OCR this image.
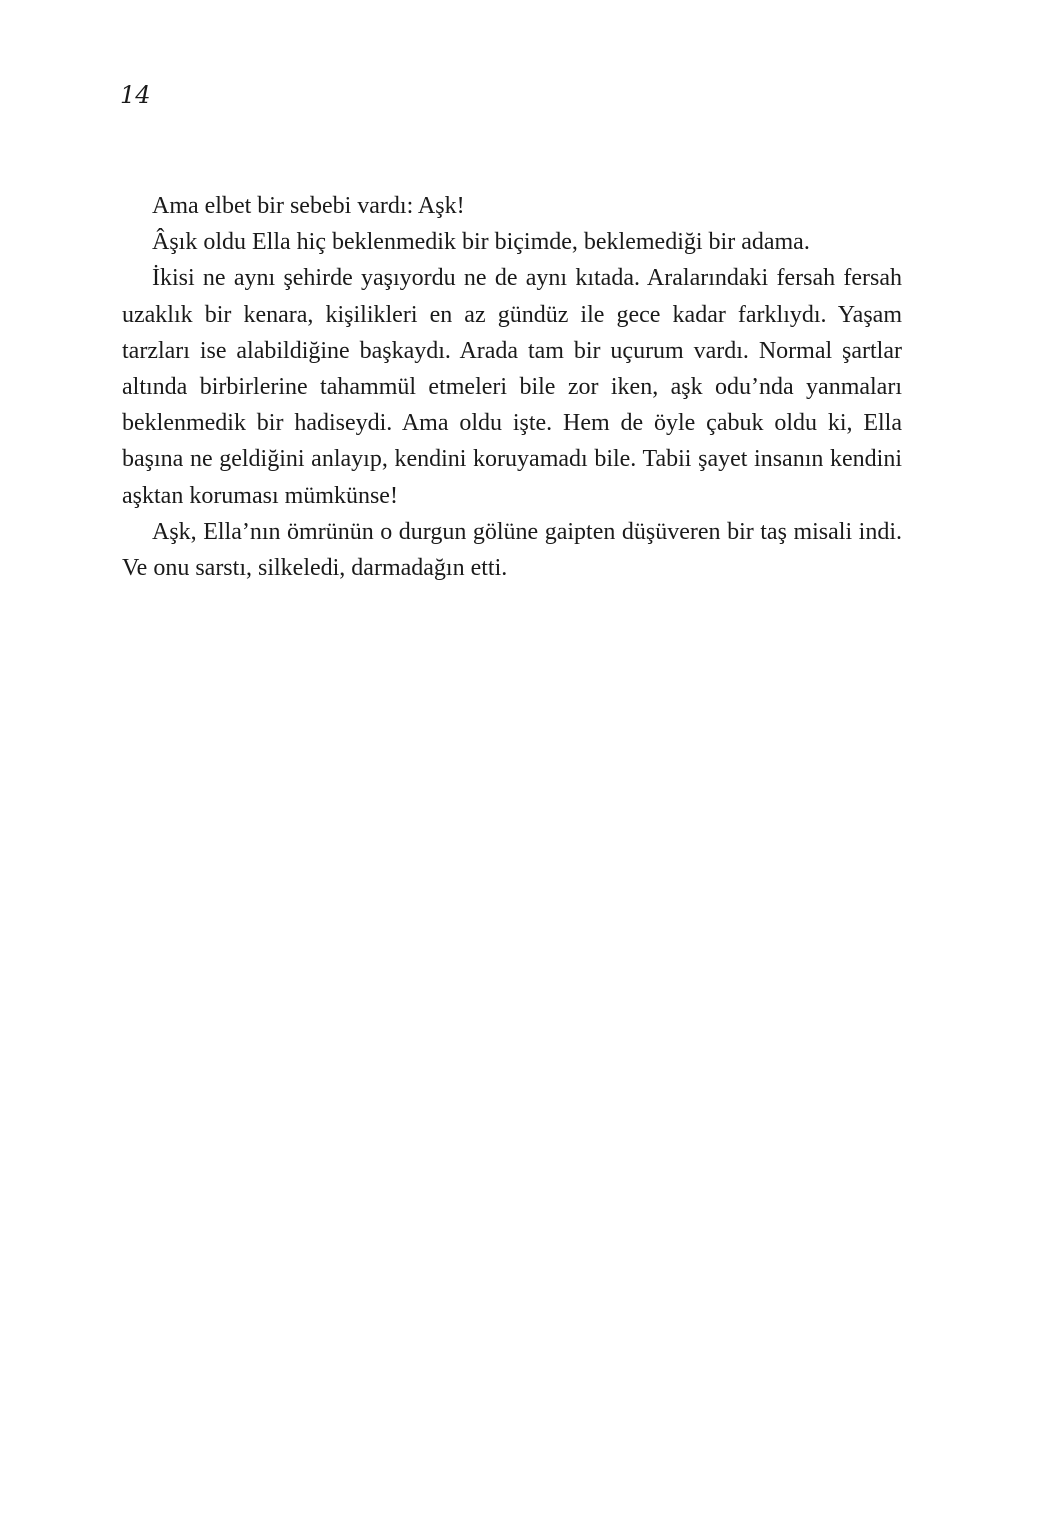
14

Ama elbet bir sebebi vardı: Aşk!

Âşık oldu Ella hiç beklenmedik bir biçimde, beklemediği bir adama.

İkisi ne aynı şehirde yaşıyordu ne de aynı kıtada. Aralarındaki fersah fersah uzaklık bir kenara, kişilikleri en az gündüz ile gece kadar farklıydı. Yaşam tarzları ise alabildiğine başkaydı. Arada tam bir uçurum vardı. Normal şartlar altında birbirlerine tahammül etmeleri bile zor iken, aşk odu’nda yanmaları beklenmedik bir hadiseydi. Ama oldu işte. Hem de öyle çabuk oldu ki, Ella başına ne geldiğini anlayıp, kendini koruyamadı bile. Tabii şayet insanın kendini aşktan koruması mümkünse!

Aşk, Ella’nın ömrünün o durgun gölüne gaipten düşüveren bir taş misali indi. Ve onu sarstı, silkeledi, darmadağın etti.
